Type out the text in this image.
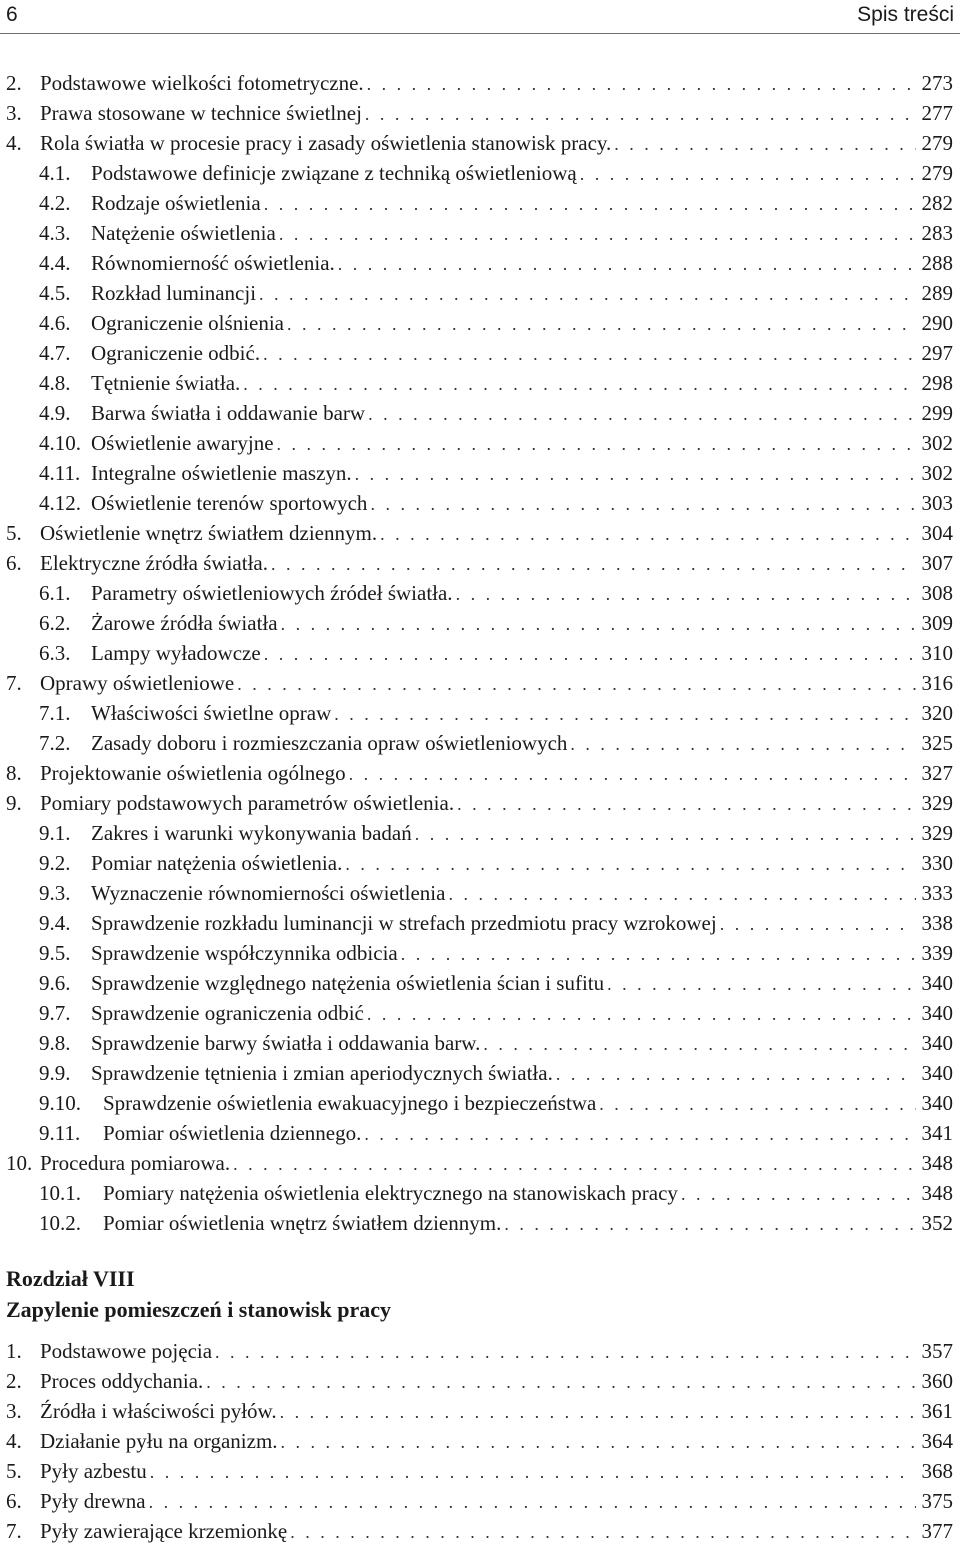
6	Spis treści
2. Podstawowe wielkości fotometryczne. . . .	273
3. Prawa stosowane w technice świetlnej . . .	277
4. Rola światła w procesie pracy i zasady oświetlenia stanowisk pracy. . . .	279
4.1. Podstawowe definicje związane z techniką oświetleniową . . .	279
4.2. Rodzaje oświetlenia . . .	282
4.3. Natężenie oświetlenia . . .	283
4.4. Równomierność oświetlenia. . . .	288
4.5. Rozkład luminancji . . .	289
4.6. Ograniczenie olśnienia . . .	290
4.7. Ograniczenie odbić. . . .	297
4.8. Tętnienie światła. . . .	298
4.9. Barwa światła i oddawanie barw . . .	299
4.10. Oświetlenie awaryjne . . .	302
4.11. Integralne oświetlenie maszyn. . . .	302
4.12. Oświetlenie terenów sportowych . . .	303
5. Oświetlenie wnętrz światłem dziennym. . . .	304
6. Elektryczne źródła światła. . . .	307
6.1. Parametry oświetleniowych źródeł światła. . . .	308
6.2. Żarowe źródła światła . . .	309
6.3. Lampy wyładowcze . . .	310
7. Oprawy oświetleniowe . . .	316
7.1. Właściwości świetlne opraw . . .	320
7.2. Zasady doboru i rozmieszczania opraw oświetleniowych . . .	325
8. Projektowanie oświetlenia ogólnego . . .	327
9. Pomiary podstawowych parametrów oświetlenia. . . .	329
9.1. Zakres i warunki wykonywania badań . . .	329
9.2. Pomiar natężenia oświetlenia. . . .	330
9.3. Wyznaczenie równomierności oświetlenia . . .	333
9.4. Sprawdzenie rozkładu luminancji w strefach przedmiotu pracy wzrokowej . . .	338
9.5. Sprawdzenie współczynnika odbicia . . .	339
9.6. Sprawdzenie względnego natężenia oświetlenia ścian i sufitu . . .	340
9.7. Sprawdzenie ograniczenia odbić . . .	340
9.8. Sprawdzenie barwy światła i oddawania barw. . . .	340
9.9. Sprawdzenie tętnienia i zmian aperiodycznych światła. . . .	340
9.10.	Sprawdzenie oświetlenia ewakuacyjnego i bezpieczeństwa . . .	340
9.11.	Pomiar oświetlenia dziennego. . . .	341
10. Procedura pomiarowa. . . .	348
10.1.	Pomiary natężenia oświetlenia elektrycznego na stanowiskach pracy . . .	348
10.2.	Pomiar oświetlenia wnętrz światłem dziennym. . . .	352
Rozdział VIII
Zapylenie pomieszczeń i stanowisk pracy
1. Podstawowe pojęcia . . .	357
2. Proces oddychania. . . .	360
3. Źródła i właściwości pyłów. . . .	361
4. Działanie pyłu na organizm. . . .	364
5. Pyły azbestu . . .	368
6. Pyły drewna . . .	375
7. Pyły zawierające krzemionkę . . .	377
